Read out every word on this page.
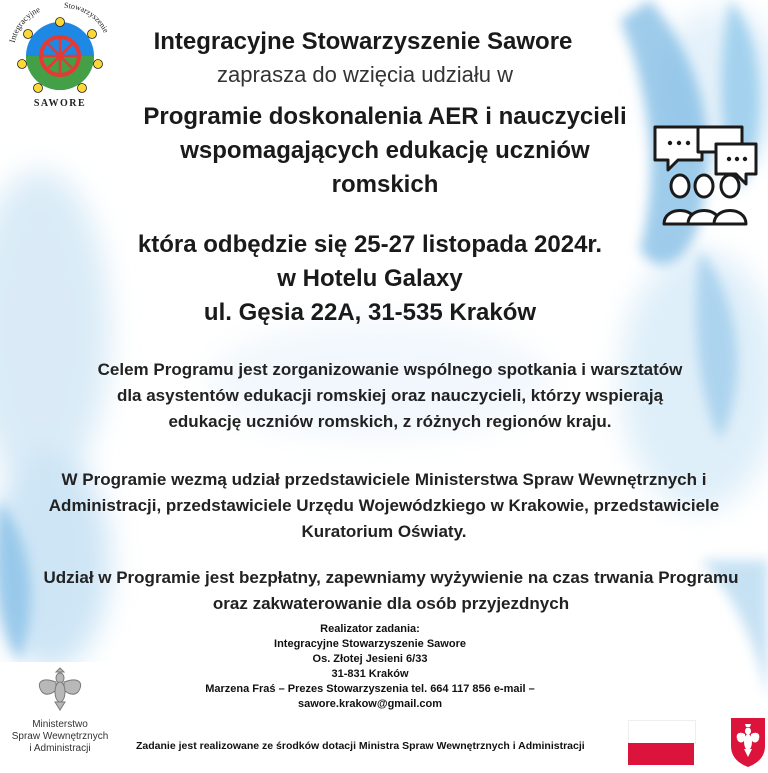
Integracyjne	Stowarzyszenie
SAWORE
Integracyjne Stowarzyszenie Sawore
zaprasza do wzięcia udziału w
Programie doskonalenia AER i nauczycieli
wspomagających edukację uczniów
romskich
która odbędzie się 25-27 listopada 2024r.
w Hotelu Galaxy
ul. Gęsia 22A, 31-535 Kraków
Celem Programu jest zorganizowanie wspólnego spotkania i warsztatów
dla asystentów edukacji romskiej oraz nauczycieli, którzy wspierają
edukację uczniów romskich, z różnych regionów kraju.
W Programie wezmą udział przedstawiciele Ministerstwa Spraw Wewnętrznych i
Administracji, przedstawiciele Urzędu Wojewódzkiego w Krakowie, przedstawiciele
Kuratorium Oświaty.
Udział w Programie jest bezpłatny, zapewniamy wyżywienie na czas trwania Programu
oraz zakwaterowanie dla osób przyjezdnych
Realizator zadania:
Integracyjne Stowarzyszenie Sawore
Os. Złotej Jesieni 6/33
31-831 Kraków
Marzena Fraś – Prezes Stowarzyszenia tel. 664 117 856 e-mail –
sawore.krakow@gmail.com
Ministerstwo
Spraw Wewnętrznych
i Administracji	Zadanie jest realizowane ze środków dotacji Ministra Spraw Wewnętrznych i Administracji
